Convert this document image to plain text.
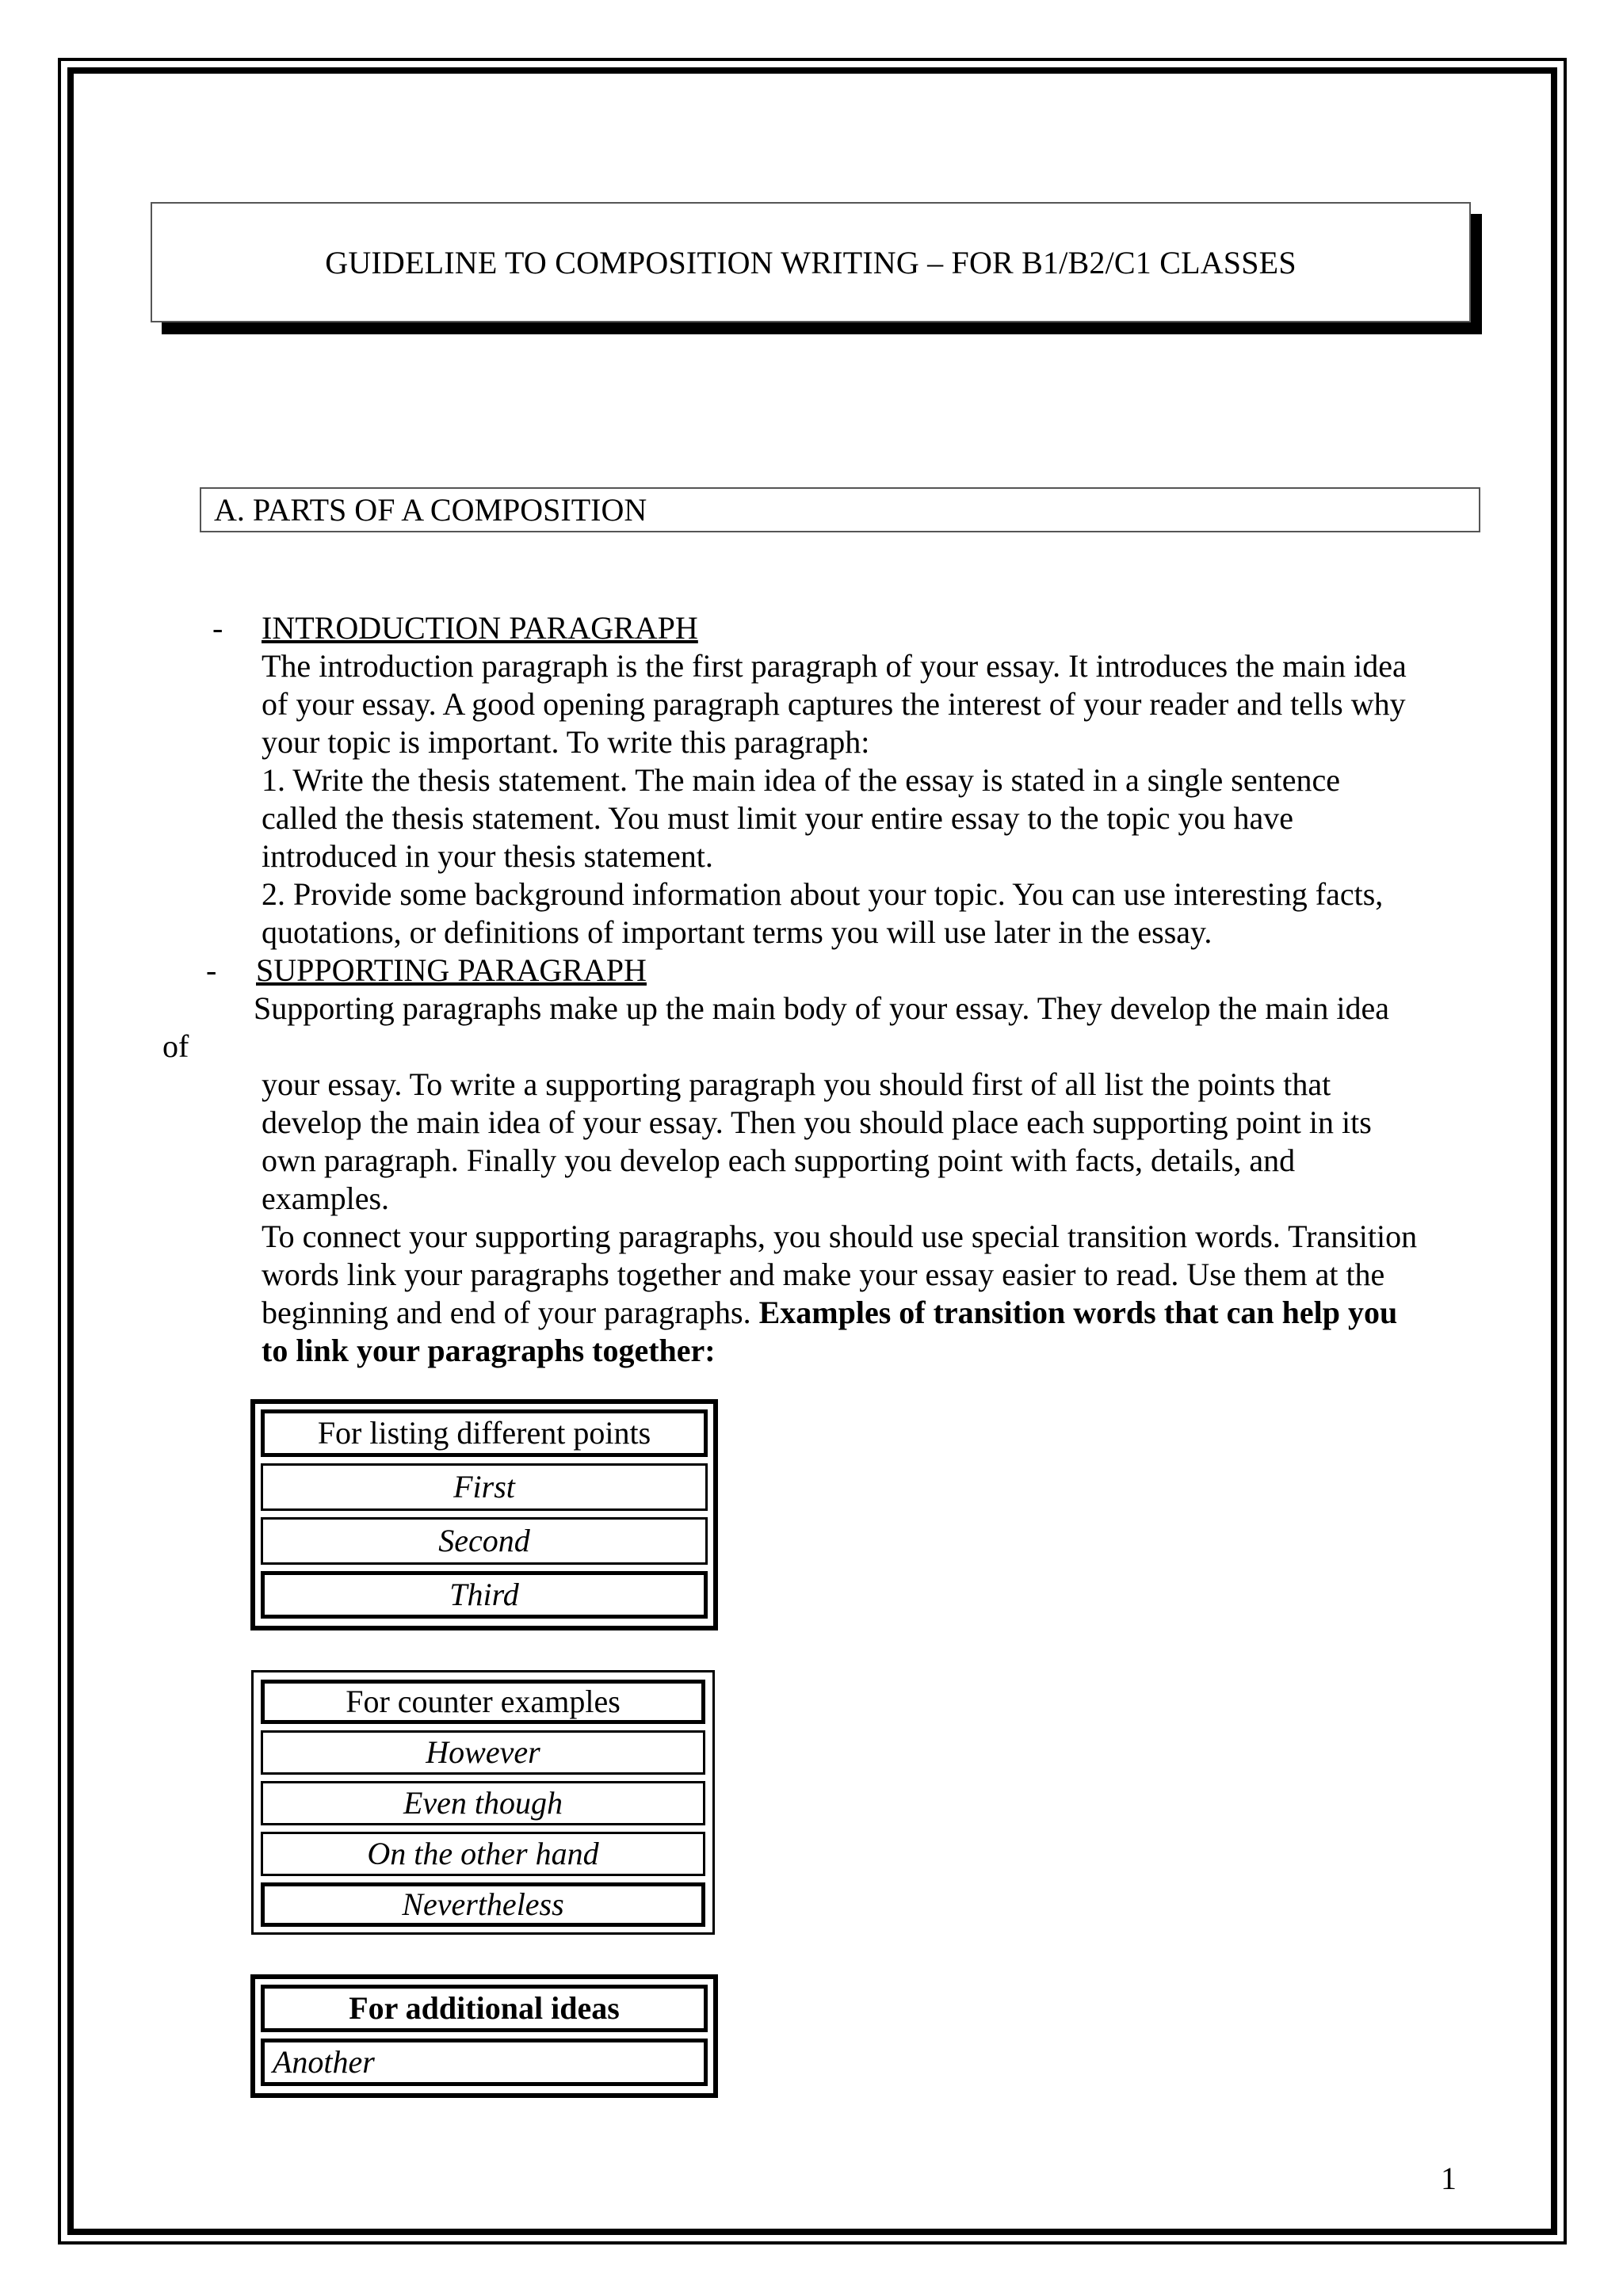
GUIDELINE TO COMPOSITION WRITING – FOR B1/B2/C1 CLASSES
A. PARTS OF A COMPOSITION
- INTRODUCTION PARAGRAPH
The introduction paragraph is the first paragraph of your essay. It introduces the main idea
of your essay. A good opening paragraph captures the interest of your reader and tells why
your topic is important. To write this paragraph:
1. Write the thesis statement. The main idea of the essay is stated in a single sentence
called the thesis statement. You must limit your entire essay to the topic you have
introduced in your thesis statement.
2. Provide some background information about your topic. You can use interesting facts,
quotations, or definitions of important terms you will use later in the essay.
- SUPPORTING PARAGRAPH
Supporting paragraphs make up the main body of your essay. They develop the main idea
of
your essay. To write a supporting paragraph you should first of all list the points that
develop the main idea of your essay. Then you should place each supporting point in its
own paragraph. Finally you develop each supporting point with facts, details, and
examples.
To connect your supporting paragraphs, you should use special transition words. Transition
words link your paragraphs together and make your essay easier to read. Use them at the
beginning and end of your paragraphs. Examples of transition words that can help you
to link your paragraphs together:
For listing different points
First
Second
Third
For counter examples
However
Even though
On the other hand
Nevertheless
For additional ideas
Another
1
